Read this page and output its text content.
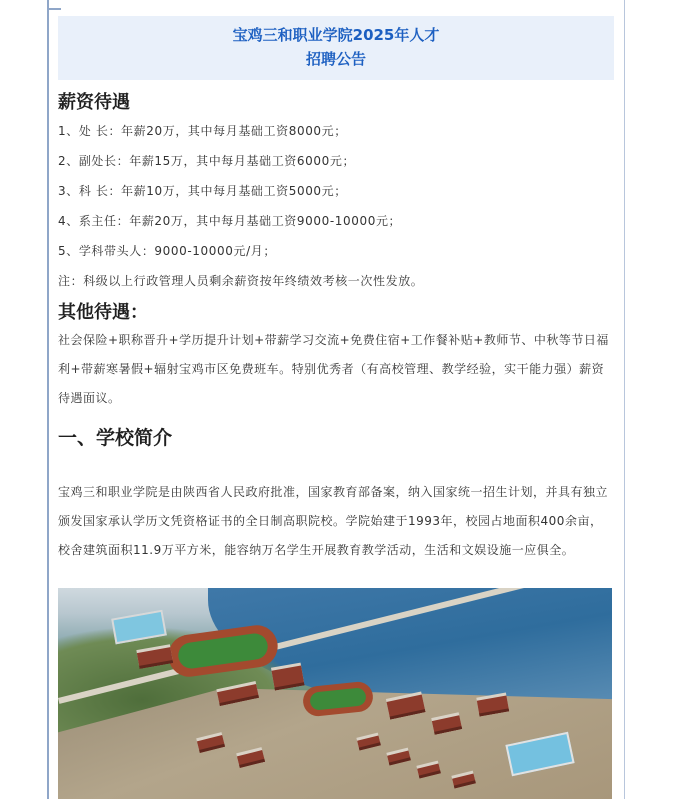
宝鸡三和职业学院2025年人才
招聘公告
薪资待遇
1、处 长：年薪20万，其中每月基础工资8000元；
2、副处长：年薪15万，其中每月基础工资6000元；
3、科 长：年薪10万，其中每月基础工资5000元；
4、系主任：年薪20万，其中每月基础工资9000-10000元；
5、学科带头人：9000-10000元/月；
注：科级以上行政管理人员剩余薪资按年终绩效考核一次性发放。
其他待遇：
社会保险+职称晋升+学历提升计划+带薪学习交流+免费住宿+工作餐补贴+教师节、中秋等节日福利+带薪寒暑假+辐射宝鸡市区免费班车。特别优秀者（有高校管理、教学经验，实干能力强）薪资待遇面议。
一、学校简介
宝鸡三和职业学院是由陕西省人民政府批准，国家教育部备案，纳入国家统一招生计划，并具有独立颁发国家承认学历文凭资格证书的全日制高职院校。学院始建于1993年，校园占地面积400余亩，校舍建筑面积11.9万平方米，能容纳万名学生开展教育教学活动，生活和文娱设施一应俱全。
